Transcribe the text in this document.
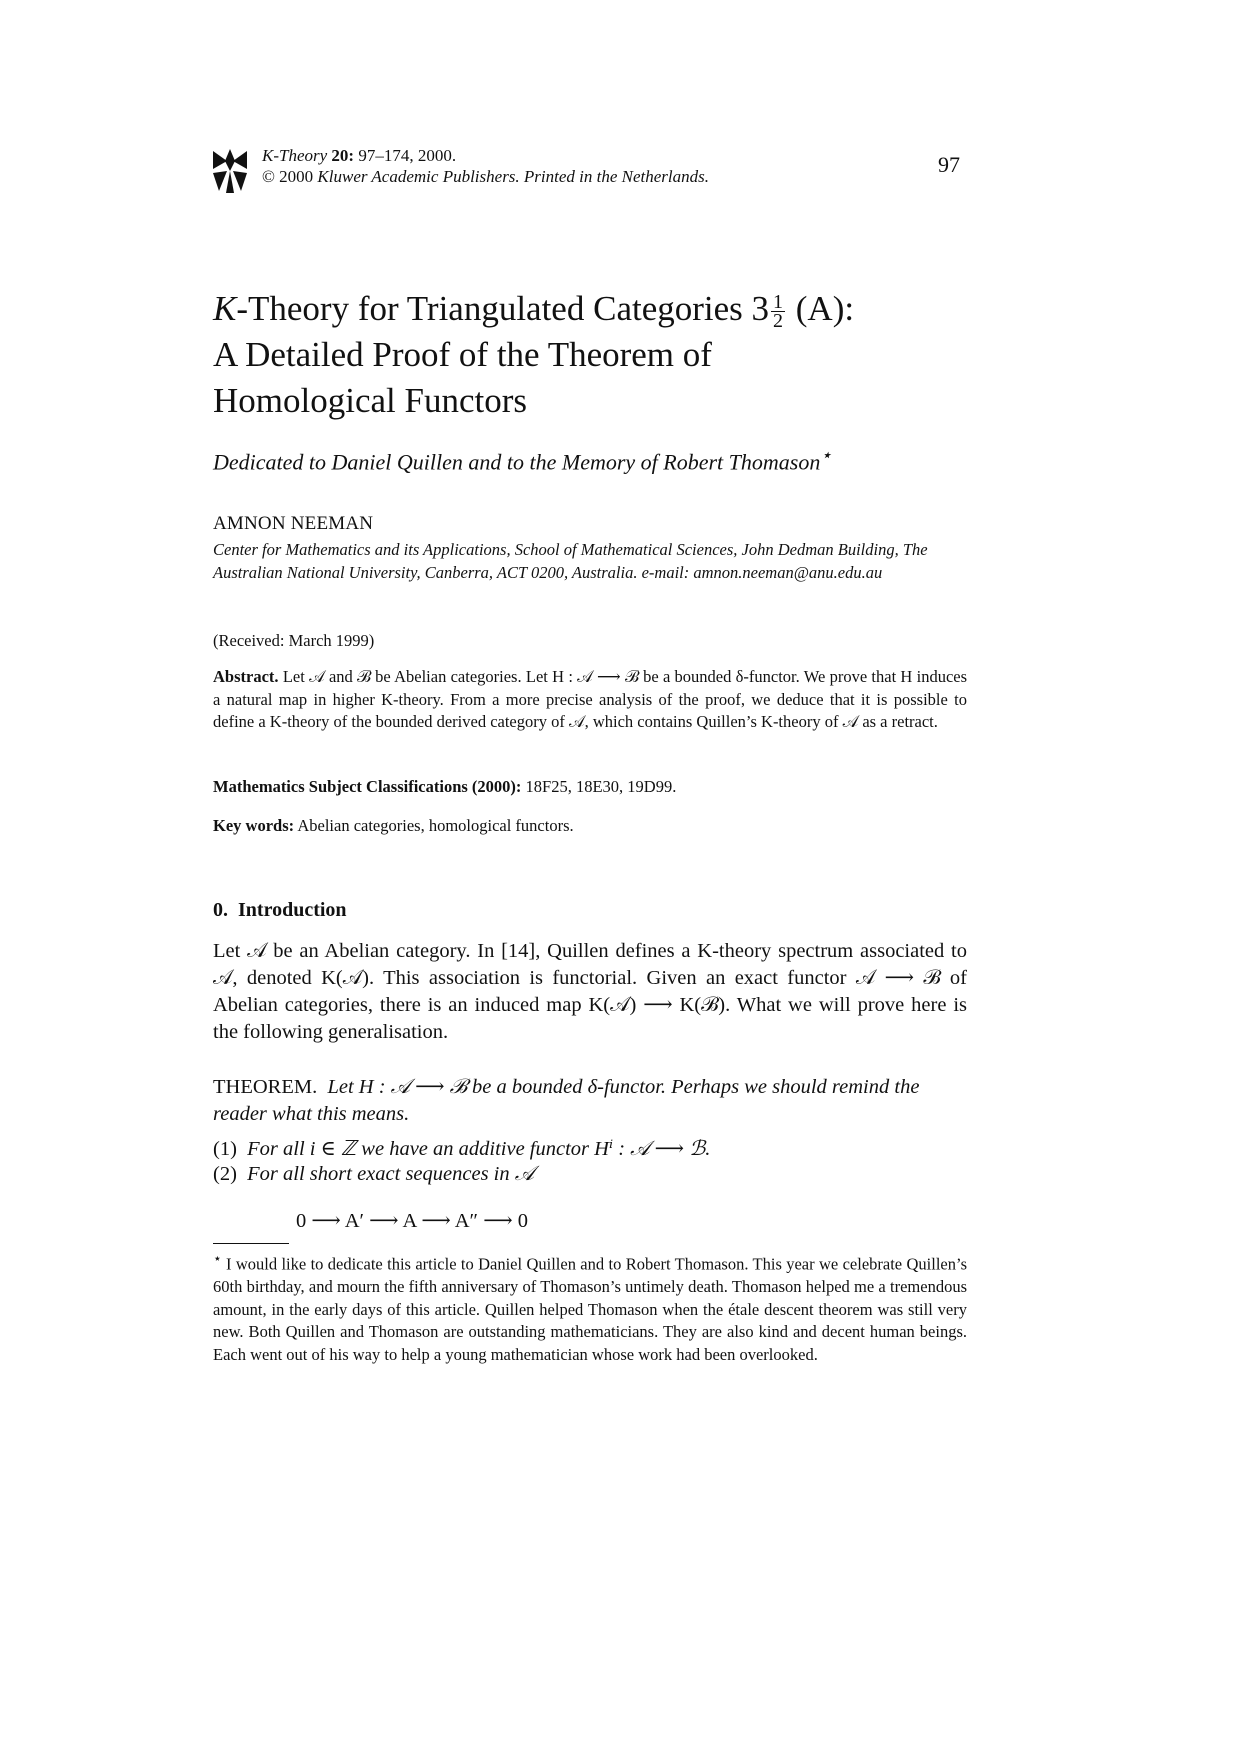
K-Theory 20: 97–174, 2000.
© 2000 Kluwer Academic Publishers. Printed in the Netherlands.	97
K-Theory for Triangulated Categories $3 \frac{1}{2} (A)$:
A Detailed Proof of the Theorem of
Homological Functors
Dedicated to Daniel Quillen and to the Memory of Robert Thomason⋆
AMNON NEEMAN
Center for Mathematics and its Applications, School of Mathematical Sciences, John Dedman Building, The Australian National University, Canberra, ACT 0200, Australia. e-mail: amnon.neeman@anu.edu.au
(Received: March 1999)
Abstract. Let 𝒜 and ℬ be Abelian categories. Let H : 𝒜 ⟶ ℬ be a bounded δ-functor. We prove that H induces a natural map in higher K-theory. From a more precise analysis of the proof, we deduce that it is possible to define a K-theory of the bounded derived category of 𝒜, which contains Quillen’s K-theory of 𝒜 as a retract.
Mathematics Subject Classifications (2000): 18F25, 18E30, 19D99.
Key words: Abelian categories, homological functors.
0. Introduction
Let 𝒜 be an Abelian category. In [14], Quillen defines a K-theory spectrum associated to 𝒜, denoted K(𝒜). This association is functorial. Given an exact functor 𝒜 ⟶ ℬ of Abelian categories, there is an induced map K(𝒜) ⟶ K(ℬ). What we will prove here is the following generalisation.
THEOREM. Let H : 𝒜 ⟶ ℬ be a bounded δ-functor. Perhaps we should remind the reader what this means.
(1) For all i ∈ ℤ we have an additive functor Hⁱ : 𝒜 ⟶ ℬ.
(2) For all short exact sequences in 𝒜
0 ⟶ A′ ⟶ A ⟶ A″ ⟶ 0
⋆ I would like to dedicate this article to Daniel Quillen and to Robert Thomason. This year we celebrate Quillen’s 60th birthday, and mourn the fifth anniversary of Thomason’s untimely death. Thomason helped me a tremendous amount, in the early days of this article. Quillen helped Thomason when the étale descent theorem was still very new. Both Quillen and Thomason are outstanding mathematicians. They are also kind and decent human beings. Each went out of his way to help a young mathematician whose work had been overlooked.
